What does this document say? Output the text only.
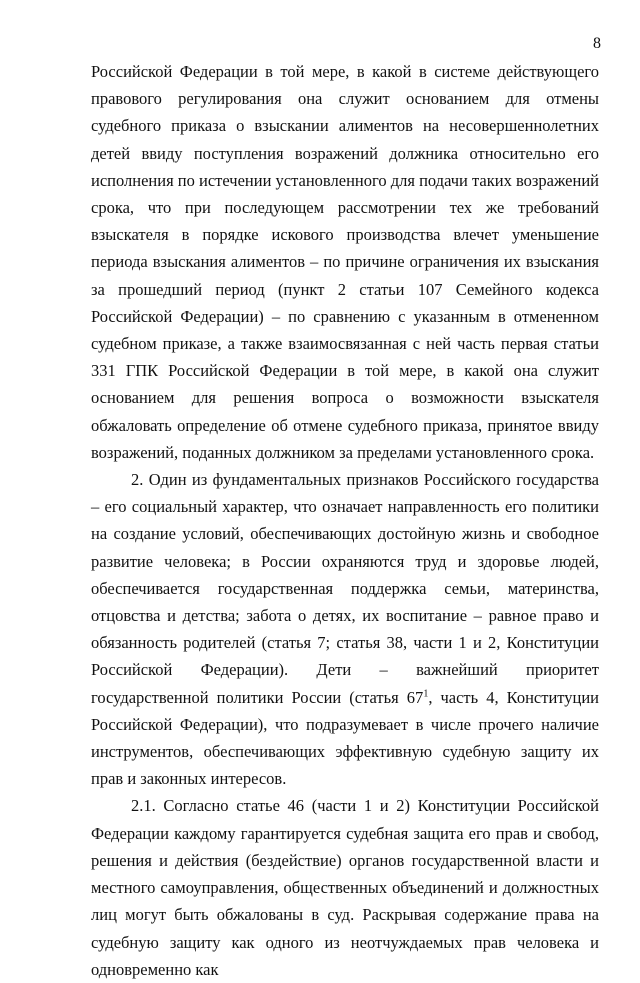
8

Российской Федерации в той мере, в какой в системе действующего правового регулирования она служит основанием для отмены судебного приказа о взыскании алиментов на несовершеннолетних детей ввиду поступления возражений должника относительно его исполнения по истечении установленного для подачи таких возражений срока, что при последующем рассмотрении тех же требований взыскателя в порядке искового производства влечет уменьшение периода взыскания алиментов – по причине ограничения их взыскания за прошедший период (пункт 2 статьи 107 Семейного кодекса Российской Федерации) – по сравнению с указанным в отмененном судебном приказе, а также взаимосвязанная с ней часть первая статьи 331 ГПК Российской Федерации в той мере, в какой она служит основанием для решения вопроса о возможности взыскателя обжаловать определение об отмене судебного приказа, принятое ввиду возражений, поданных должником за пределами установленного срока.

2. Один из фундаментальных признаков Российского государства – его социальный характер, что означает направленность его политики на создание условий, обеспечивающих достойную жизнь и свободное развитие человека; в России охраняются труд и здоровье людей, обеспечивается государственная поддержка семьи, материнства, отцовства и детства; забота о детях, их воспитание – равное право и обязанность родителей (статья 7; статья 38, части 1 и 2, Конституции Российской Федерации). Дети – важнейший приоритет государственной политики России (статья $67^1$, часть 4, Конституции Российской Федерации), что подразумевает в числе прочего наличие инструментов, обеспечивающих эффективную судебную защиту их прав и законных интересов.

2.1. Согласно статье 46 (части 1 и 2) Конституции Российской Федерации каждому гарантируется судебная защита его прав и свобод, решения и действия (бездействие) органов государственной власти и местного самоуправления, общественных объединений и должностных лиц могут быть обжалованы в суд. Раскрывая содержание права на судебную защиту как одного из неотчуждаемых прав человека и одновременно как
